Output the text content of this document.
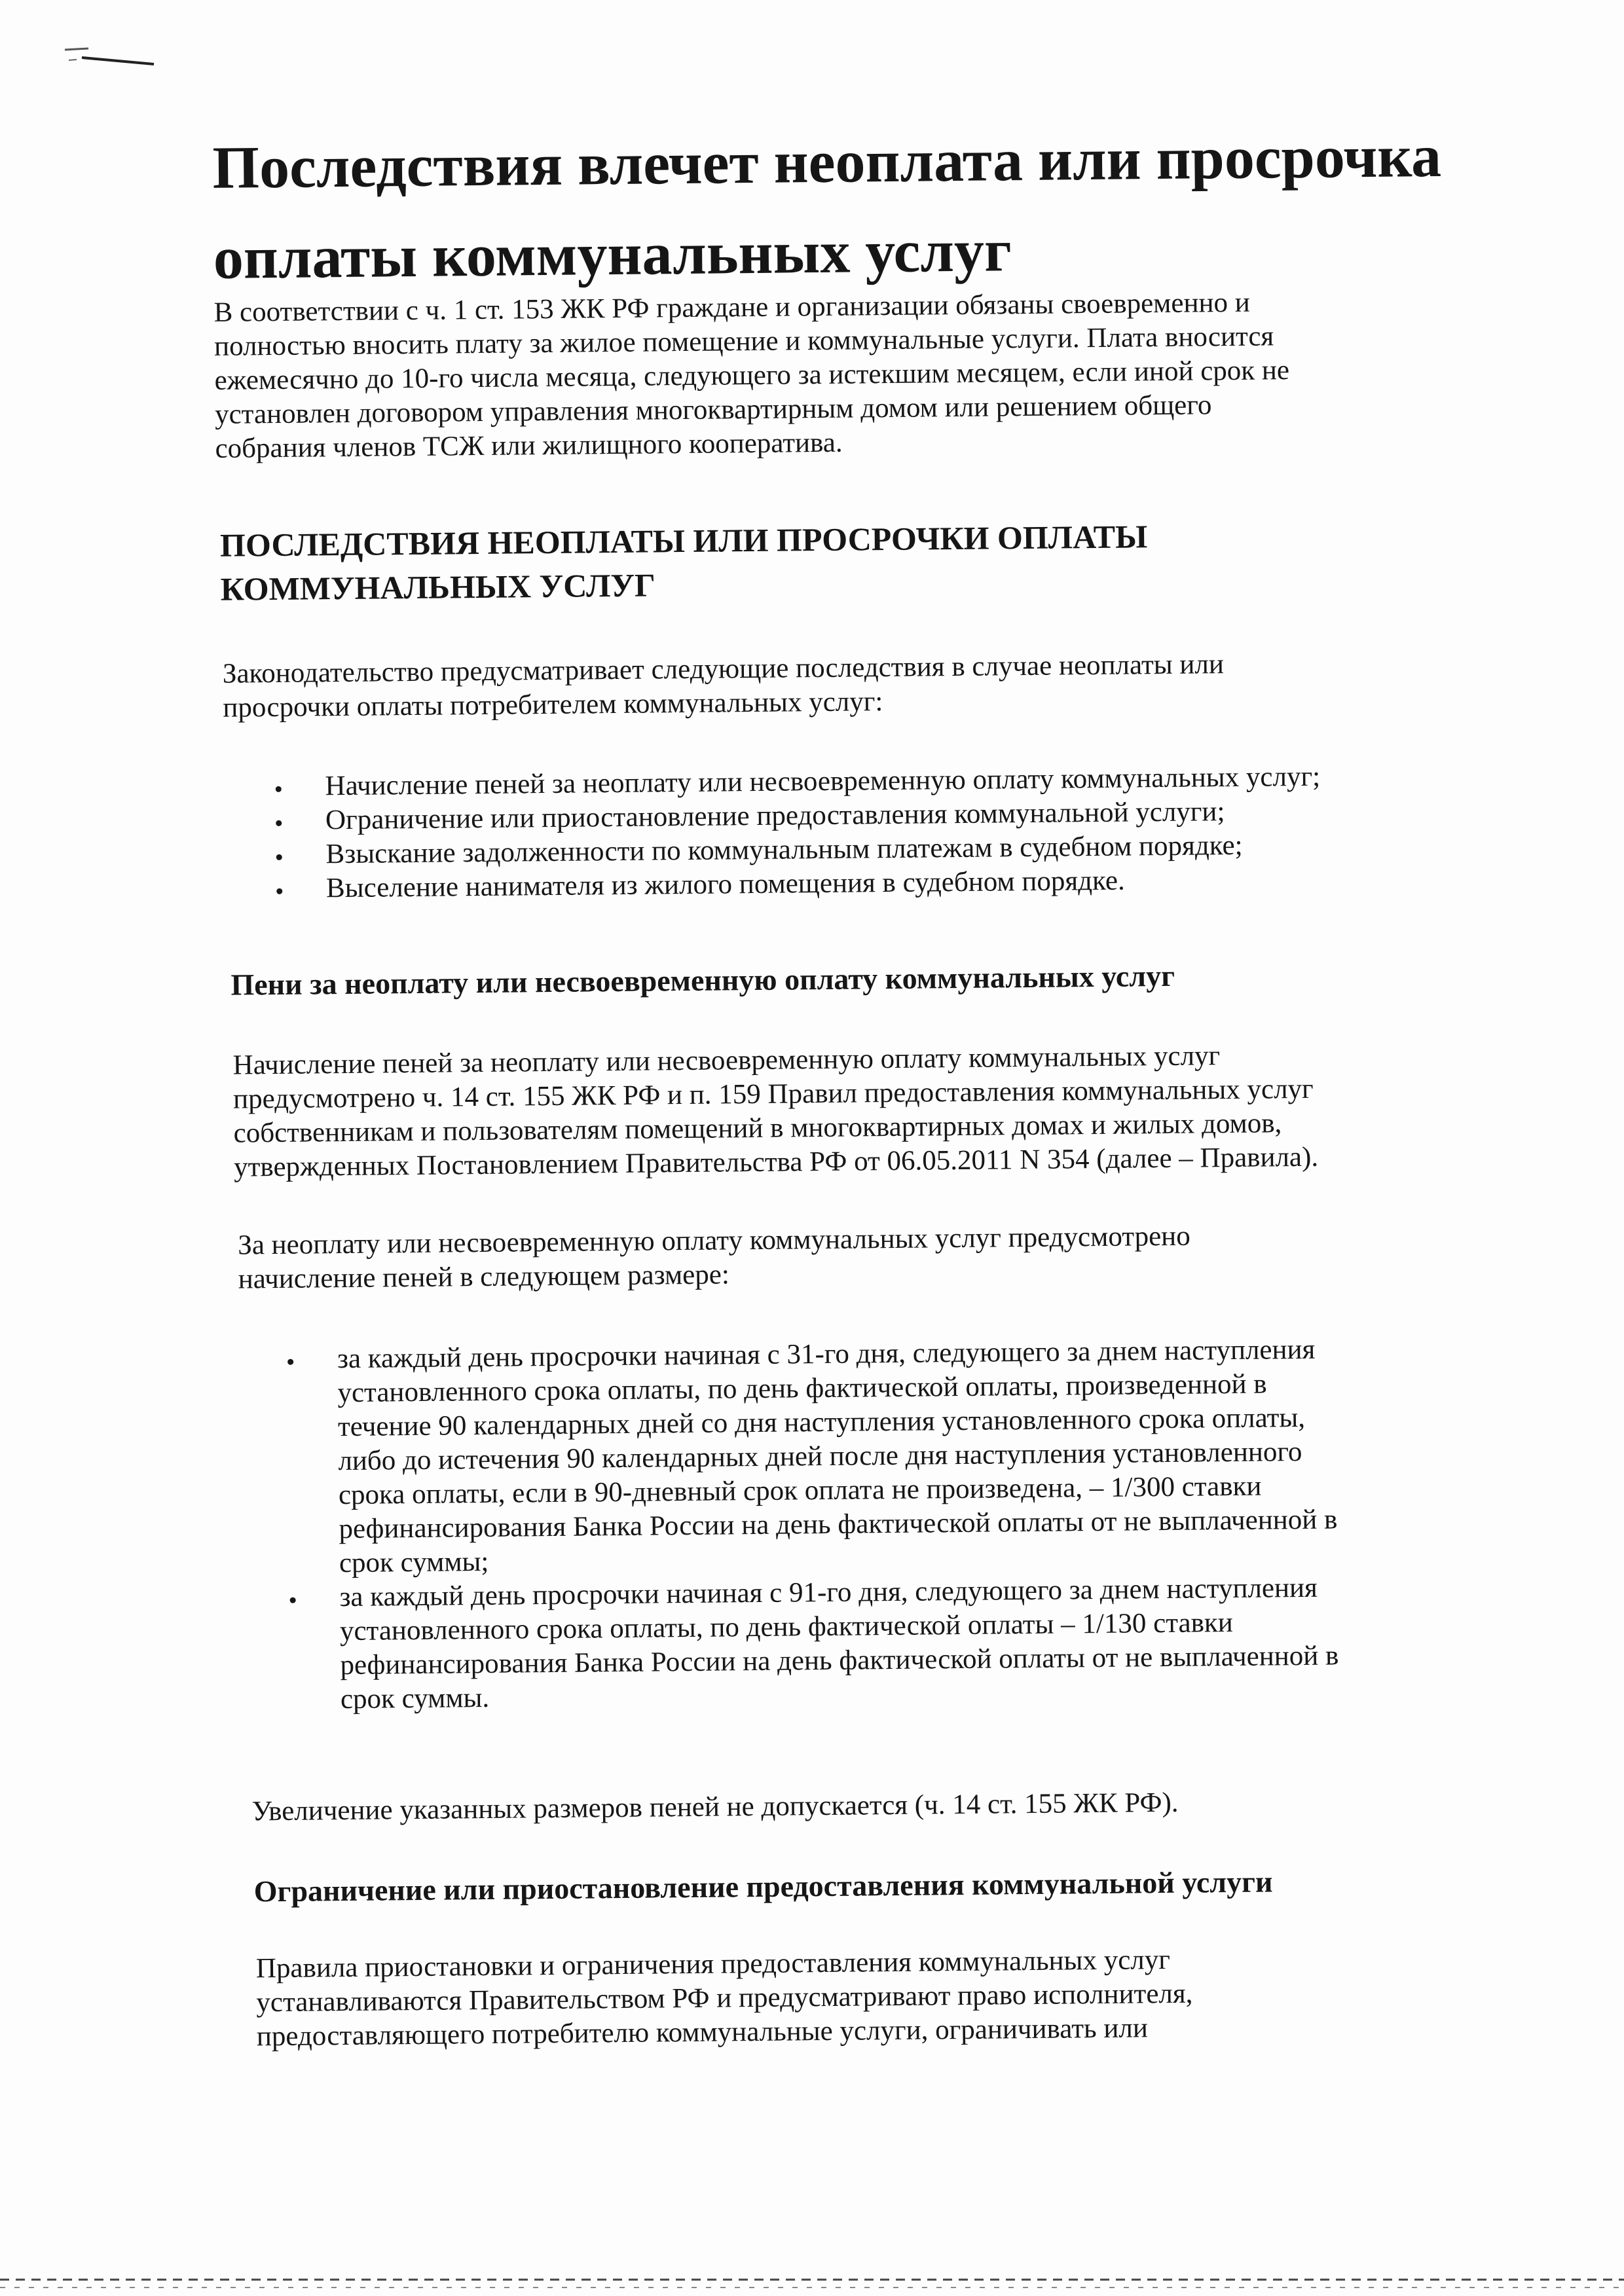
Последствия влечет неоплата или просрочка оплаты коммунальных услуг

В соответствии с ч. 1 ст. 153 ЖК РФ граждане и организации обязаны своевременно и
полностью вносить плату за жилое помещение и коммунальные услуги. Плата вносится
ежемесячно до 10-го числа месяца, следующего за истекшим месяцем, если иной срок не
установлен договором управления многоквартирным домом или решением общего
собрания членов ТСЖ или жилищного кооператива.

ПОСЛЕДСТВИЯ НЕОПЛАТЫ ИЛИ ПРОСРОЧКИ ОПЛАТЫ
КОММУНАЛЬНЫХ УСЛУГ

Законодательство предусматривает следующие последствия в случае неоплаты или
просрочки оплаты потребителем коммунальных услуг:

• Начисление пеней за неоплату или несвоевременную оплату коммунальных услуг;
• Ограничение или приостановление предоставления коммунальной услуги;
• Взыскание задолженности по коммунальным платежам в судебном порядке;
• Выселение нанимателя из жилого помещения в судебном порядке.
Пени за неоплату или несвоевременную оплату коммунальных услуг

Начисление пеней за неоплату или несвоевременную оплату коммунальных услуг
предусмотрено ч. 14 ст. 155 ЖК РФ и п. 159 Правил предоставления коммунальных услуг
собственникам и пользователям помещений в многоквартирных домах и жилых домов,
утвержденных Постановлением Правительства РФ от 06.05.2011 N 354 (далее – Правила).

За неоплату или несвоевременную оплату коммунальных услуг предусмотрено
начисление пеней в следующем размере:

• за каждый день просрочки начиная с 31-го дня, следующего за днем наступления
установленного срока оплаты, по день фактической оплаты, произведенной в
течение 90 календарных дней со дня наступления установленного срока оплаты,
либо до истечения 90 календарных дней после дня наступления установленного
срока оплаты, если в 90-дневный срок оплата не произведена, – 1/300 ставки
рефинансирования Банка России на день фактической оплаты от не выплаченной в
срок суммы;
• за каждый день просрочки начиная с 91-го дня, следующего за днем наступления
установленного срока оплаты, по день фактической оплаты – 1/130 ставки
рефинансирования Банка России на день фактической оплаты от не выплаченной в
срок суммы.

Увеличение указанных размеров пеней не допускается (ч. 14 ст. 155 ЖК РФ).

Ограничение или приостановление предоставления коммунальной услуги

Правила приостановки и ограничения предоставления коммунальных услуг
устанавливаются Правительством РФ и предусматривают право исполнителя,
предоставляющего потребителю коммунальные услуги, ограничивать или
